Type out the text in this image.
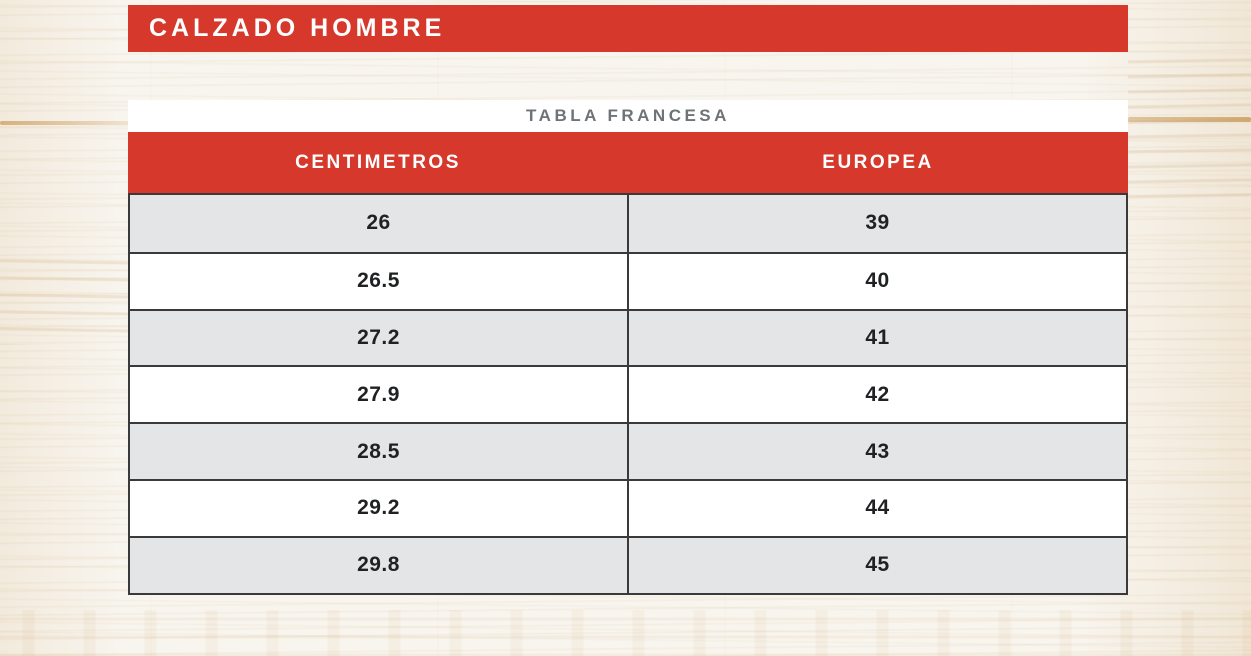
CALZADO HOMBRE
TABLA FRANCESA
CENTIMETROS	EUROPEA
26	39
26.5	40
27.2	41
27.9	42
28.5	43
29.2	44
29.8	45
